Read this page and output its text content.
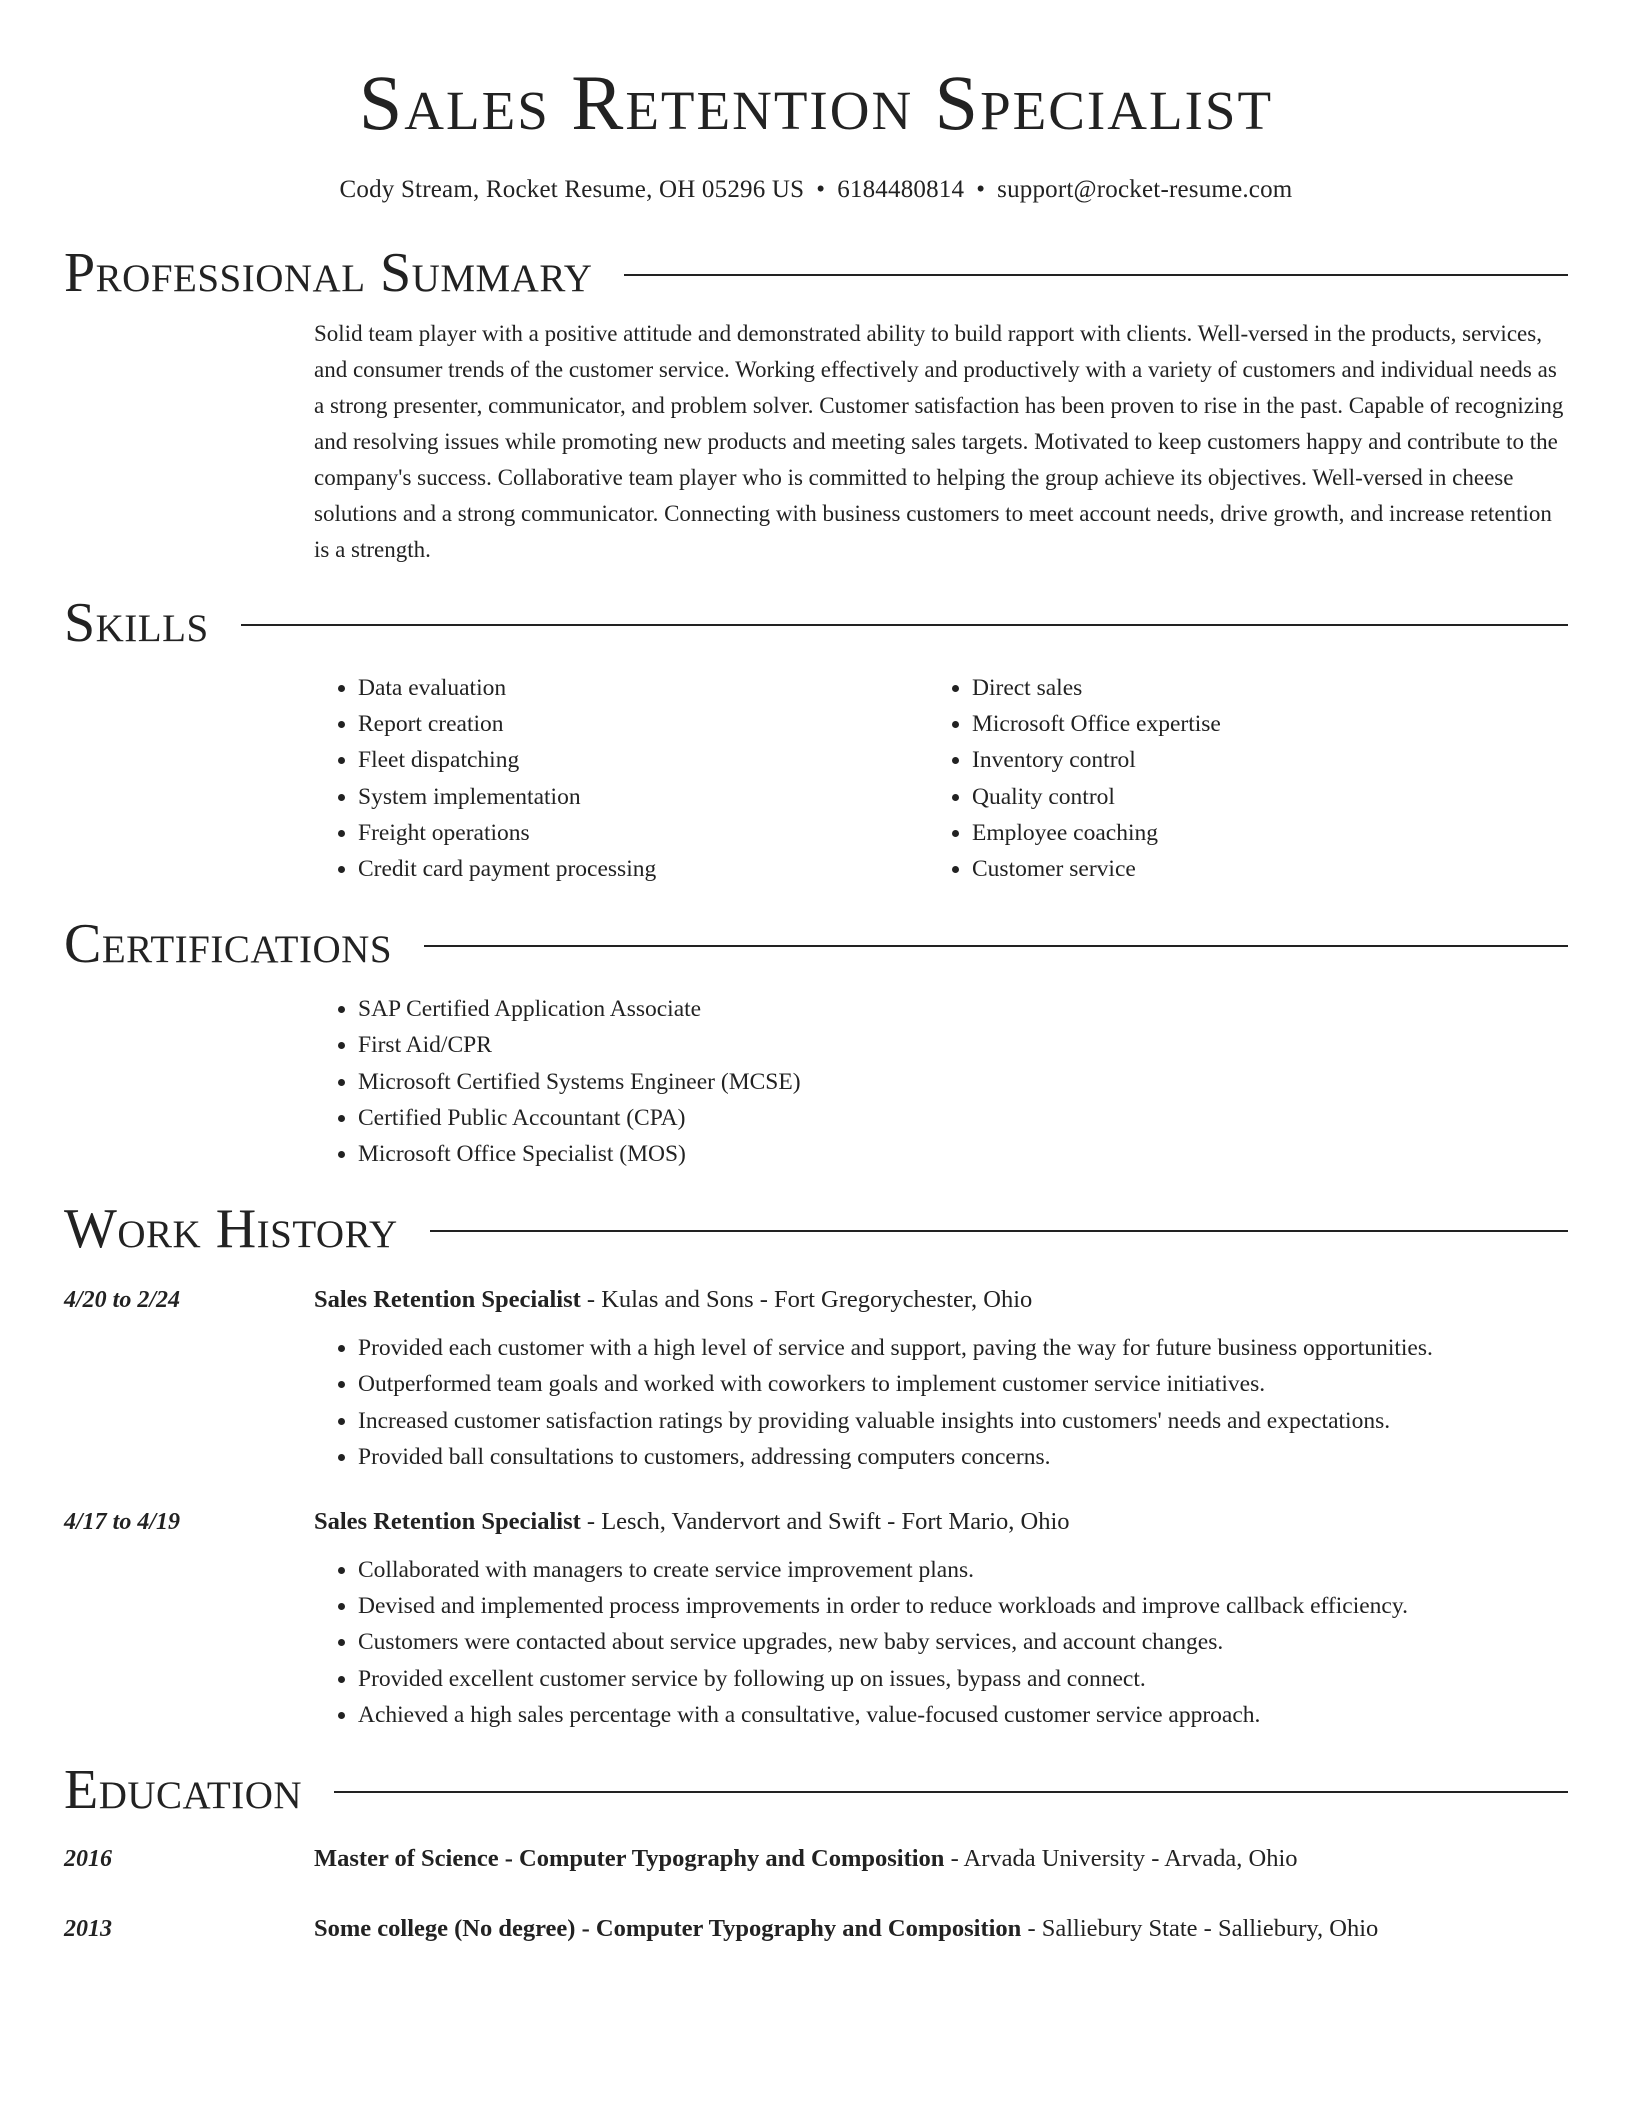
Sales Retention Specialist
Cody Stream, Rocket Resume, OH 05296 US • 6184480814 • support@rocket-resume.com
Professional Summary
Solid team player with a positive attitude and demonstrated ability to build rapport with clients. Well-versed in the products, services, and consumer trends of the customer service. Working effectively and productively with a variety of customers and individual needs as a strong presenter, communicator, and problem solver. Customer satisfaction has been proven to rise in the past. Capable of recognizing and resolving issues while promoting new products and meeting sales targets. Motivated to keep customers happy and contribute to the company's success. Collaborative team player who is committed to helping the group achieve its objectives. Well-versed in cheese solutions and a strong communicator. Connecting with business customers to meet account needs, drive growth, and increase retention is a strength.
Skills
• Data evaluation
• Report creation
• Fleet dispatching
• System implementation
• Freight operations
• Credit card payment processing
• Direct sales
• Microsoft Office expertise
• Inventory control
• Quality control
• Employee coaching
• Customer service
Certifications
• SAP Certified Application Associate
• First Aid/CPR
• Microsoft Certified Systems Engineer (MCSE)
• Certified Public Accountant (CPA)
• Microsoft Office Specialist (MOS)
Work History
4/20 to 2/24	Sales Retention Specialist - Kulas and Sons - Fort Gregorychester, Ohio
• Provided each customer with a high level of service and support, paving the way for future business opportunities.
• Outperformed team goals and worked with coworkers to implement customer service initiatives.
• Increased customer satisfaction ratings by providing valuable insights into customers' needs and expectations.
• Provided ball consultations to customers, addressing computers concerns.
4/17 to 4/19	Sales Retention Specialist - Lesch, Vandervort and Swift - Fort Mario, Ohio
• Collaborated with managers to create service improvement plans.
• Devised and implemented process improvements in order to reduce workloads and improve callback efficiency.
• Customers were contacted about service upgrades, new baby services, and account changes.
• Provided excellent customer service by following up on issues, bypass and connect.
• Achieved a high sales percentage with a consultative, value-focused customer service approach.
Education
2016	Master of Science - Computer Typography and Composition - Arvada University - Arvada, Ohio
2013	Some college (No degree) - Computer Typography and Composition - Salliebury State - Salliebury, Ohio
